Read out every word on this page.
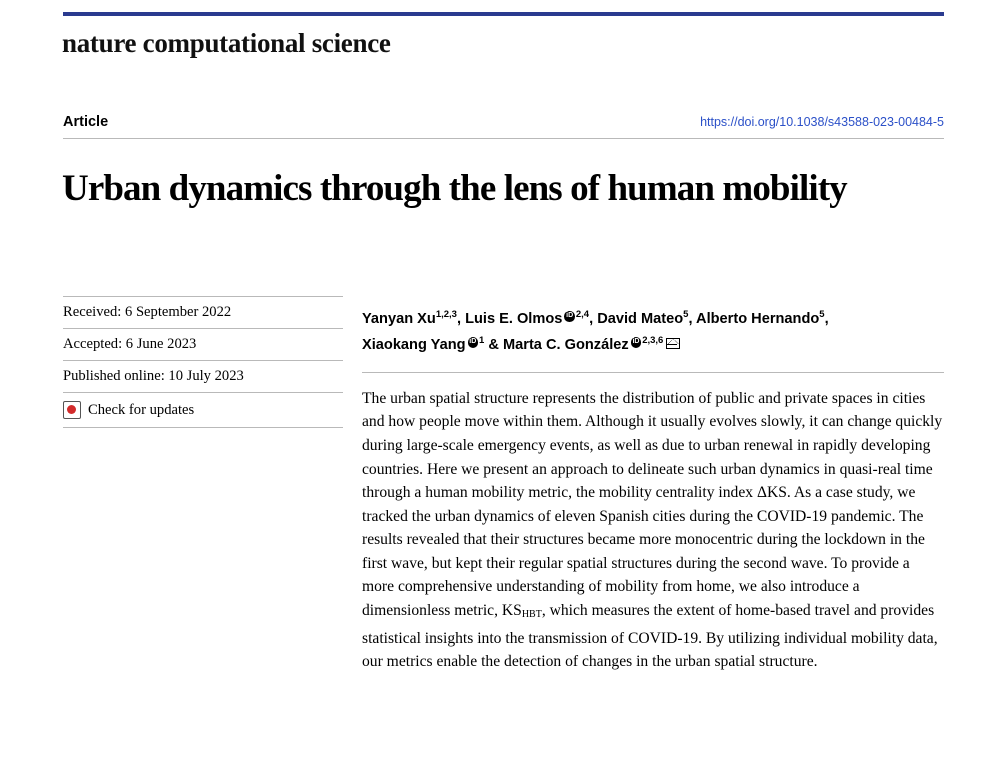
nature computational science
Article	https://doi.org/10.1038/s43588-023-00484-5
Urban dynamics through the lens of human mobility
Received: 6 September 2022
Accepted: 6 June 2023
Published online: 10 July 2023
Check for updates
Yanyan Xu$^{1,2,3}$, Luis E. Olmos iD $^{2,4}$, David Mateo$^5$, Alberto Hernando$^5$,
Xiaokang Yang iD $^1$ & Marta C. González iD $^{2,3,6}$
The urban spatial structure represents the distribution of public and private spaces in cities and how people move within them. Although it usually evolves slowly, it can change quickly during large-scale emergency events, as well as due to urban renewal in rapidly developing countries. Here we present an approach to delineate such urban dynamics in quasi-real time through a human mobility metric, the mobility centrality index ΔKS. As a case study, we tracked the urban dynamics of eleven Spanish cities during the COVID-19 pandemic. The results revealed that their structures became more monocentric during the lockdown in the first wave, but kept their regular spatial structures during the second wave. To provide a more comprehensive understanding of mobility from home, we also introduce a dimensionless metric, $KS_{HBT}$, which measures the extent of home-based travel and provides statistical insights into the transmission of COVID-19. By utilizing individual mobility data, our metrics enable the detection of changes in the urban spatial structure.
